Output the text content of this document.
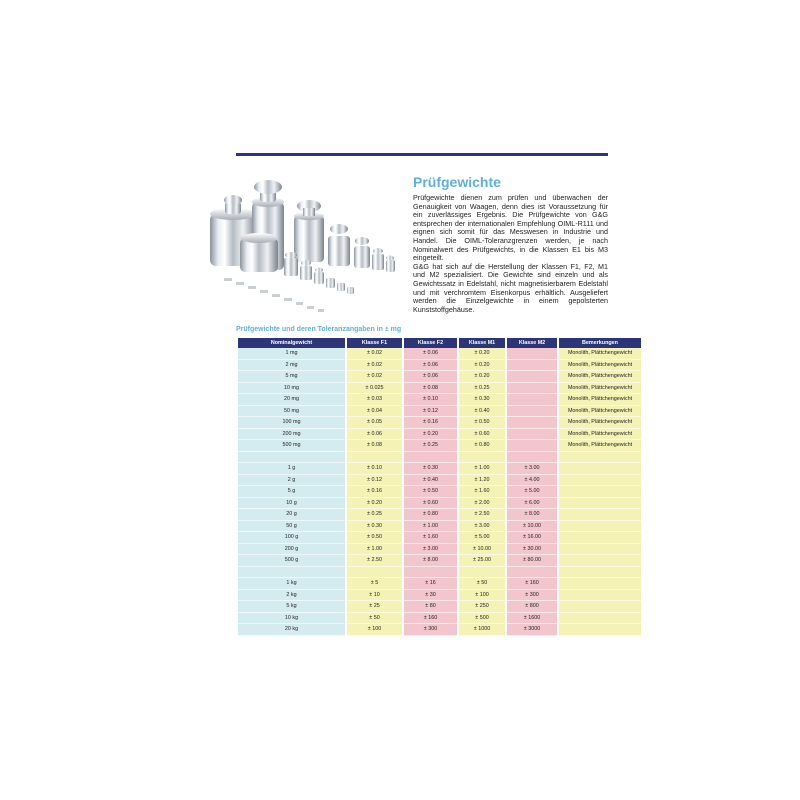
Prüfgewichte

Prüfgewichte dienen zum prüfen und überwachen der Genauigkeit von Waagen, denn dies ist Voraussetzung für ein zuverlässiges Ergebnis. Die Prüfgewichte von G&G entsprechen der internationalen Empfehlung OIML-R111 und eignen sich somit für das Messwesen in Industrie und Handel. Die OIML-Toleranzgrenzen werden, je nach Nominalwert des Prüfgewichts, in die Klassen E1 bis M3 eingeteilt.

G&G hat sich auf die Herstellung der Klassen F1, F2, M1 und M2 spezialisiert. Die Gewichte sind einzeln und als Gewichtssatz in Edelstahl, nicht magnetisierbarem Edelstahl und mit verchromtem Eisenkorpus erhältlich. Ausgeliefert werden die Einzelgewichte in einem gepolsterten Kunststoffgehäuse.

Prüfgewichte und deren Toleranzangaben in ± mg
Nominalgewicht	Klasse F1	Klasse F2	Klasse M1	Klasse M2	Bemerkungen
1 mg	± 0.02	± 0.06	± 0.20		Monolith, Plättchengewicht
2 mg	± 0.02	± 0.06	± 0.20		Monolith, Plättchengewicht
5 mg	± 0.02	± 0.06	± 0.20		Monolith, Plättchengewicht
10 mg	± 0.025	± 0.08	± 0.25		Monolith, Plättchengewicht
20 mg	± 0.03	± 0.10	± 0.30		Monolith, Plättchengewicht
50 mg	± 0.04	± 0.12	± 0.40		Monolith, Plättchengewicht
100 mg	± 0.05	± 0.16	± 0.50		Monolith, Plättchengewicht
200 mg	± 0.06	± 0.20	± 0.60		Monolith, Plättchengewicht
500 mg	± 0.08	± 0.25	± 0.80		Monolith, Plättchengewicht

1 g	± 0.10	± 0.30	± 1.00	± 3.00	
2 g	± 0.12	± 0.40	± 1.20	± 4.00	
5 g	± 0.16	± 0.50	± 1.60	± 5.00	
10 g	± 0.20	± 0.60	± 2.00	± 6.00	
20 g	± 0.25	± 0.80	± 2.50	± 8.00	
50 g	± 0.30	± 1.00	± 3.00	± 10.00	
100 g	± 0.50	± 1.60	± 5.00	± 16.00	
200 g	± 1.00	± 3.00	± 10.00	± 30.00	
500 g	± 2.50	± 8.00	± 25.00	± 80.00	

1 kg	± 5	± 16	± 50	± 160	
2 kg	± 10	± 30	± 100	± 300	
5 kg	± 25	± 80	± 250	± 800	
10 kg	± 50	± 160	± 500	± 1600	
20 kg	± 100	± 300	± 1000	± 3000	
